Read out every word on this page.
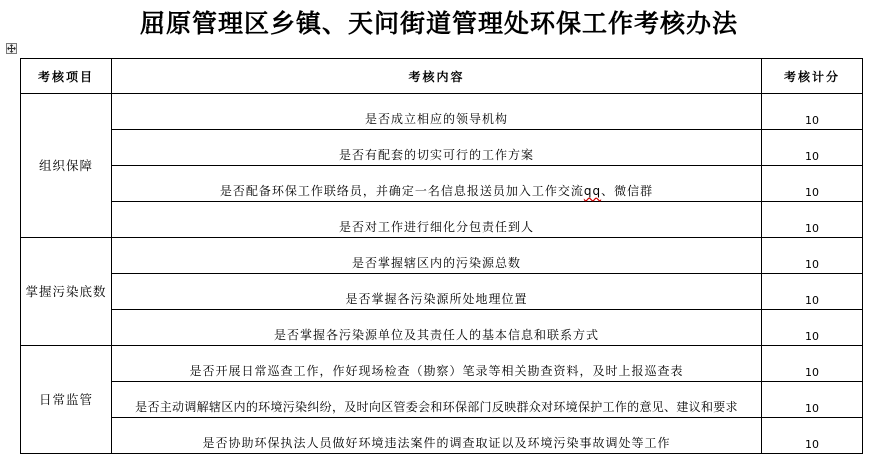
屈原管理区乡镇、天问街道管理处环保工作考核办法
考核项目	考核内容	考核计分
组织保障	是否成立相应的领导机构	10
	是否有配套的切实可行的工作方案	10
	是否配备环保工作联络员，并确定一名信息报送员加入工作交流qq、微信群	10
	是否对工作进行细化分包责任到人	10
掌握污染底数	是否掌握辖区内的污染源总数	10
	是否掌握各污染源所处地理位置	10
	是否掌握各污染源单位及其责任人的基本信息和联系方式	10
日常监管	是否开展日常巡查工作，作好现场检查（勘察）笔录等相关勘查资料，及时上报巡查表	10
	是否主动调解辖区内的环境污染纠纷，及时向区管委会和环保部门反映群众对环境保护工作的意见、建议和要求	10
	是否协助环保执法人员做好环境违法案件的调查取证以及环境污染事故调处等工作	10
